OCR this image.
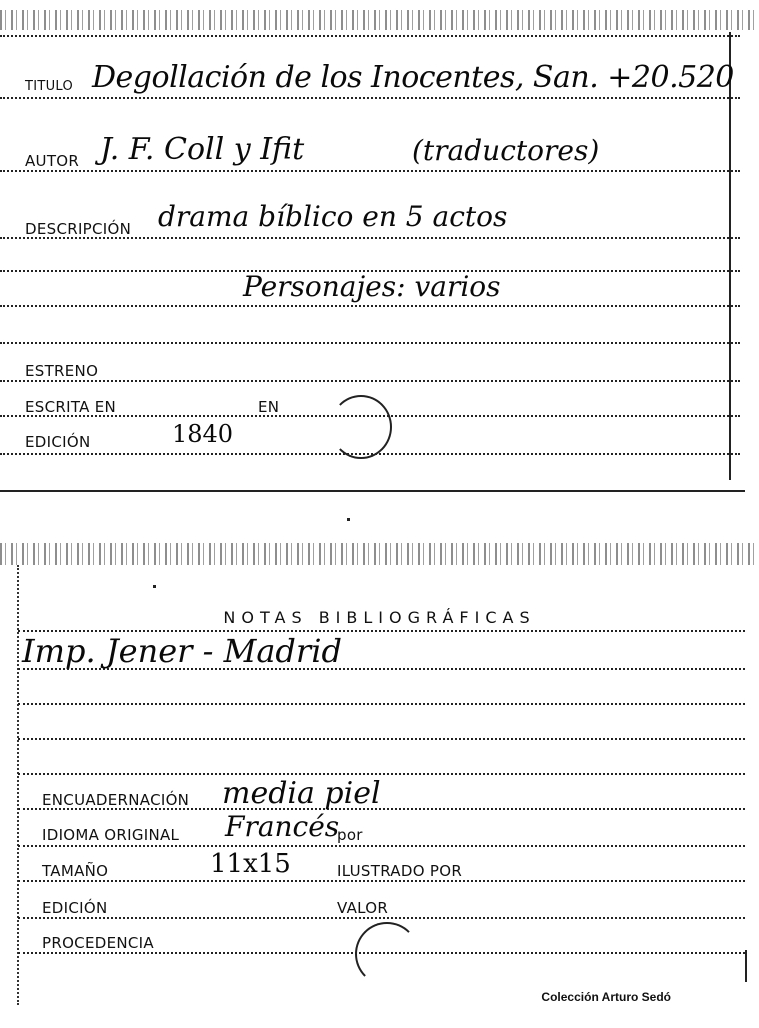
TITULO Degollación de los Inocentes, San. +20.520
AUTOR J. F. Coll y Ifit	(traductores)
DESCRIPCIÓN drama bíblico en 5 actos
Personajes: varios
ESTRENO
ESCRITA EN	EN
EDICIÓN	1840
NOTAS BIBLIOGRÁFICAS
Imp. Jener - Madrid
ENCUADERNACIÓN media piel
IDIOMA ORIGINAL Francés
por
TAMAÑO	11x15	ILUSTRADO POR
EDICIÓN	VALOR
PROCEDENCIA
Colección Arturo Sedó
